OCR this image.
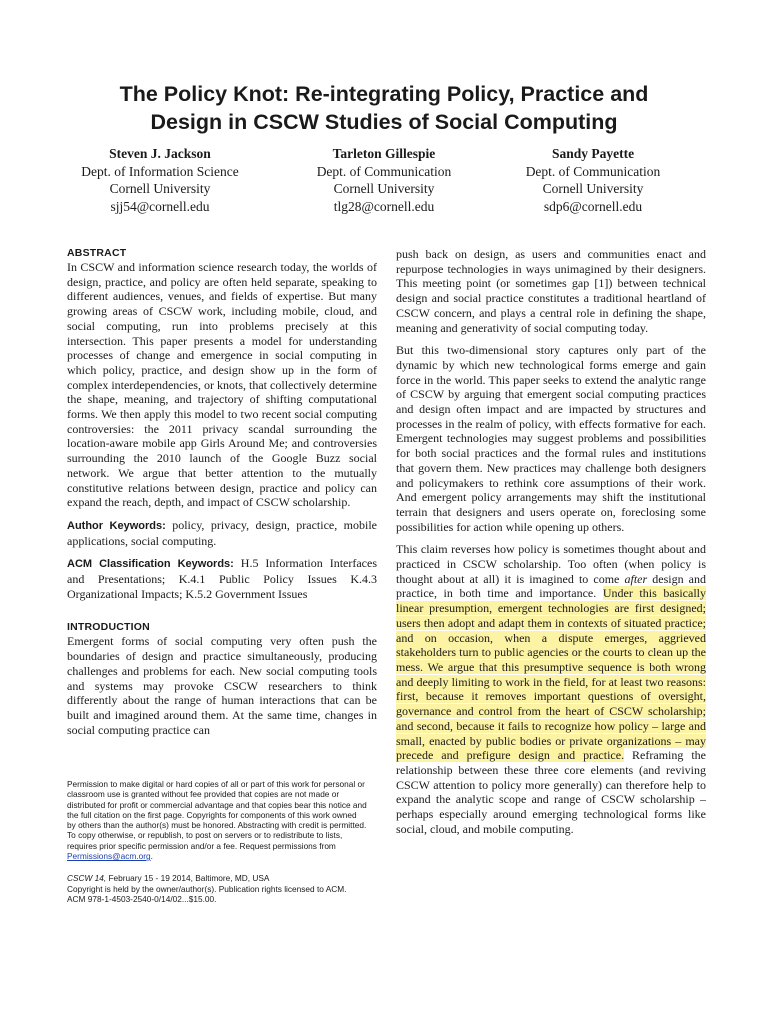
The Policy Knot: Re-integrating Policy, Practice and
Design in CSCW Studies of Social Computing
Steven J. Jackson
Dept. of Information Science
Cornell University
sjj54@cornell.edu
Tarleton Gillespie
Dept. of Communication
Cornell University
tlg28@cornell.edu
Sandy Payette
Dept. of Communication
Cornell University
sdp6@cornell.edu
ABSTRACT

In CSCW and information science research today, the worlds of design, practice, and policy are often held separate, speaking to different audiences, venues, and fields of expertise. But many growing areas of CSCW work, including mobile, cloud, and social computing, run into problems precisely at this intersection. This paper presents a model for understanding processes of change and emergence in social computing in which policy, practice, and design show up in the form of complex interdependencies, or knots, that collectively determine the shape, meaning, and trajectory of shifting computational forms. We then apply this model to two recent social computing controversies: the 2011 privacy scandal surrounding the location-aware mobile app Girls Around Me; and controversies surrounding the 2010 launch of the Google Buzz social network. We argue that better attention to the mutually constitutive relations between design, practice and policy can expand the reach, depth, and impact of CSCW scholarship.

Author Keywords: policy, privacy, design, practice, mobile applications, social computing.

ACM Classification Keywords: H.5 Information Interfaces and Presentations; K.4.1 Public Policy Issues K.4.3 Organizational Impacts; K.5.2 Government Issues

INTRODUCTION

Emergent forms of social computing very often push the boundaries of design and practice simultaneously, producing challenges and problems for each. New social computing tools and systems may provoke CSCW researchers to think differently about the range of human interactions that can be built and imagined around them. At the same time, changes in social computing practice can

Permission to make digital or hard copies of all or part of this work for personal or classroom use is granted without fee provided that copies are not made or distributed for profit or commercial advantage and that copies bear this notice and the full citation on the first page. Copyrights for components of this work owned by others than the author(s) must be honored. Abstracting with credit is permitted. To copy otherwise, or republish, to post on servers or to redistribute to lists, requires prior specific permission and/or a fee. Request permissions from Permissions@acm.org.
CSCW 14, February 15 - 19 2014, Baltimore, MD, USA
Copyright is held by the owner/author(s). Publication rights licensed to ACM.
ACM 978-1-4503-2540-0/14/02...$15.00.

push back on design, as users and communities enact and repurpose technologies in ways unimagined by their designers. This meeting point (or sometimes gap [1]) between technical design and social practice constitutes a traditional heartland of CSCW concern, and plays a central role in defining the shape, meaning and generativity of social computing today.

But this two-dimensional story captures only part of the dynamic by which new technological forms emerge and gain force in the world. This paper seeks to extend the analytic range of CSCW by arguing that emergent social computing practices and design often impact and are impacted by structures and processes in the realm of policy, with effects formative for each. Emergent technologies may suggest problems and possibilities for both social practices and the formal rules and institutions that govern them. New practices may challenge both designers and policymakers to rethink core assumptions of their work. And emergent policy arrangements may shift the institutional terrain that designers and users operate on, foreclosing some possibilities for action while opening up others.

This claim reverses how policy is sometimes thought about and practiced in CSCW scholarship. Too often (when policy is thought about at all) it is imagined to come after design and practice, in both time and importance. Under this basically linear presumption, emergent technologies are first designed; users then adopt and adapt them in contexts of situated practice; and on occasion, when a dispute emerges, aggrieved stakeholders turn to public agencies or the courts to clean up the mess. We argue that this presumptive sequence is both wrong and deeply limiting to work in the field, for at least two reasons: first, because it removes important questions of oversight, governance and control from the heart of CSCW scholarship; and second, because it fails to recognize how policy – large and small, enacted by public bodies or private organizations – may precede and prefigure design and practice. Reframing the relationship between these three core elements (and reviving CSCW attention to policy more generally) can therefore help to expand the analytic scope and range of CSCW scholarship – perhaps especially around emerging technological forms like social, cloud, and mobile computing.
